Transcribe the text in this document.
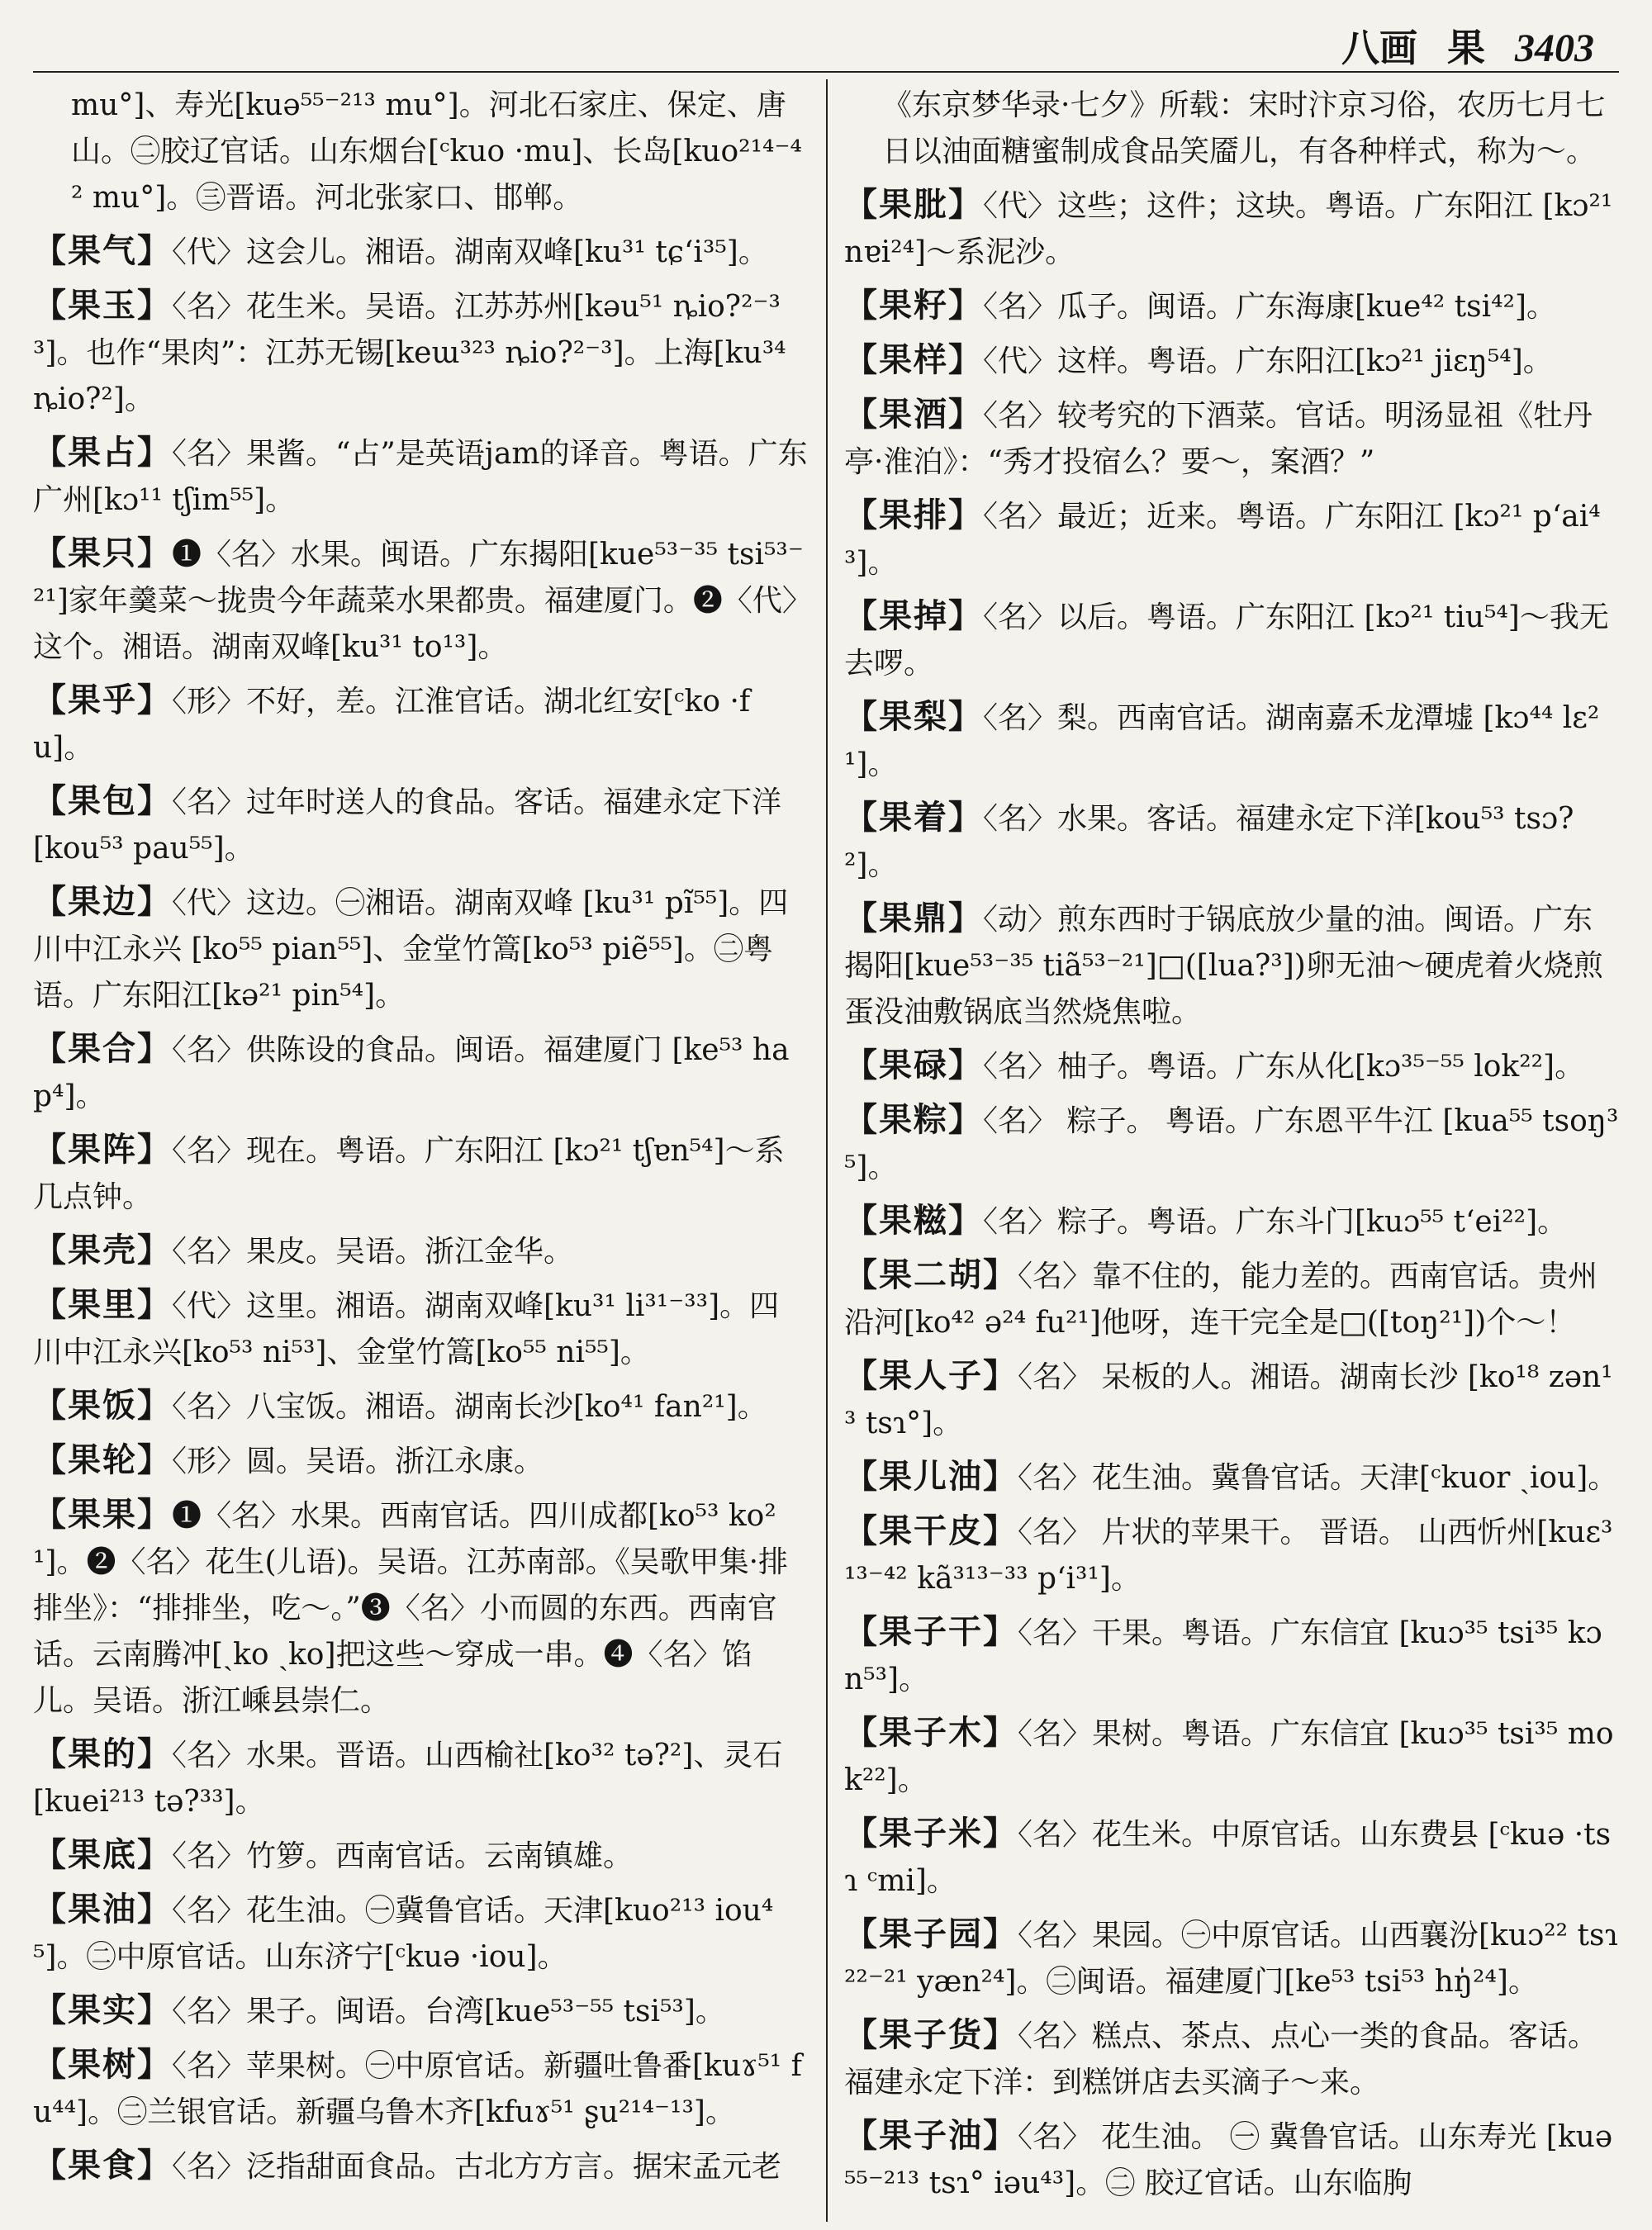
八画 果 3403

mu°]、寿光[kuə⁵⁵⁻²¹³ mu°]。河北石家庄、保定、唐山。㊁胶辽官话。山东烟台[ᶜkuo ·mu]、长岛[kuo²¹⁴⁻⁴² mu°]。㊂晋语。河北张家口、邯郸。

【果气】〈代〉这会儿。湘语。湖南双峰[ku³¹ tɕʻi³⁵]。

【果玉】〈名〉花生米。吴语。江苏苏州[kəu⁵¹ ȵio?²⁻³³]。也作“果肉”：江苏无锡[keɯ³²³ ȵio?²⁻³]。上海[ku³⁴ ȵio?²]。

【果占】〈名〉果酱。“占”是英语jam的译音。粤语。广东广州[kɔ¹¹ tʃim⁵⁵]。

【果只】❶〈名〉水果。闽语。广东揭阳[kue⁵³⁻³⁵ tsi⁵³⁻²¹]家年羹菜～拢贵今年蔬菜水果都贵。福建厦门。❷〈代〉这个。湘语。湖南双峰[ku³¹ to¹³]。

【果乎】〈形〉不好，差。江淮官话。湖北红安[ᶜko ·fu]。

【果包】〈名〉过年时送人的食品。客话。福建永定下洋[kou⁵³ pau⁵⁵]。

【果边】〈代〉这边。㊀湘语。湖南双峰 [ku³¹ pĩ⁵⁵]。四川中江永兴 [ko⁵⁵ pian⁵⁵]、金堂竹篙[ko⁵³ piẽ⁵⁵]。㊁粤语。广东阳江[kə²¹ pin⁵⁴]。

【果合】〈名〉供陈设的食品。闽语。福建厦门 [ke⁵³ hap⁴]。

【果阵】〈名〉现在。粤语。广东阳江 [kɔ²¹ tʃɐn⁵⁴]～系几点钟。

【果壳】〈名〉果皮。吴语。浙江金华。

【果里】〈代〉这里。湘语。湖南双峰[ku³¹ li³¹⁻³³]。四川中江永兴[ko⁵³ ni⁵³]、金堂竹篙[ko⁵⁵ ni⁵⁵]。

【果饭】〈名〉八宝饭。湘语。湖南长沙[ko⁴¹ fan²¹]。

【果轮】〈形〉圆。吴语。浙江永康。

【果果】❶〈名〉水果。西南官话。四川成都[ko⁵³ ko²¹]。❷〈名〉花生(儿语)。吴语。江苏南部。《吴歌甲集·排排坐》：“排排坐，吃～。”❸〈名〉小而圆的东西。西南官话。云南腾冲[ˏko ˏko]把这些～穿成一串。❹〈名〉馅儿。吴语。浙江嵊县崇仁。

【果的】〈名〉水果。晋语。山西榆社[ko³² tə?²]、灵石[kuei²¹³ tə?³³]。

【果底】〈名〉竹箩。西南官话。云南镇雄。

【果油】〈名〉花生油。㊀冀鲁官话。天津[kuo²¹³ iou⁴⁵]。㊁中原官话。山东济宁[ᶜkuə ·iou]。

【果实】〈名〉果子。闽语。台湾[kue⁵³⁻⁵⁵ tsi⁵³]。

【果树】〈名〉苹果树。㊀中原官话。新疆吐鲁番[kuɤ⁵¹ fu⁴⁴]。㊁兰银官话。新疆乌鲁木齐[kfuɤ⁵¹ ʂu²¹⁴⁻¹³]。

【果食】〈名〉泛指甜面食品。古北方方言。据宋孟元老

《东京梦华录·七夕》所载：宋时汴京习俗，农历七月七日以油面糖蜜制成食品笑靥儿，有各种样式，称为～。

【果肶】〈代〉这些；这件；这块。粤语。广东阳江 [kɔ²¹ nɐi²⁴]～系泥沙。

【果籽】〈名〉瓜子。闽语。广东海康[kue⁴² tsi⁴²]。

【果样】〈代〉这样。粤语。广东阳江[kɔ²¹ jiɛŋ⁵⁴]。

【果酒】〈名〉较考究的下酒菜。官话。明汤显祖《牡丹亭·淮泊》：“秀才投宿么？要～，案酒？”

【果排】〈名〉最近；近来。粤语。广东阳江 [kɔ²¹ pʻai⁴³]。

【果掉】〈名〉以后。粤语。广东阳江 [kɔ²¹ tiu⁵⁴]～我无去啰。

【果梨】〈名〉梨。西南官话。湖南嘉禾龙潭墟 [kɔ⁴⁴ lɛ²¹]。

【果着】〈名〉水果。客话。福建永定下洋[kou⁵³ tsɔ?²]。

【果鼎】〈动〉煎东西时于锅底放少量的油。闽语。广东揭阳[kue⁵³⁻³⁵ tiã⁵³⁻²¹]□([lua?³])卵无油～硬虎着火烧煎蛋没油敷锅底当然烧焦啦。

【果碌】〈名〉柚子。粤语。广东从化[kɔ³⁵⁻⁵⁵ lok²²]。

【果粽】〈名〉 粽子。 粤语。广东恩平牛江 [kua⁵⁵ tsoŋ³⁵]。

【果糍】〈名〉粽子。粤语。广东斗门[kuɔ⁵⁵ tʻei²²]。

【果二胡】〈名〉靠不住的，能力差的。西南官话。贵州沿河[ko⁴² ə²⁴ fu²¹]他呀，连干完全是□([toŋ²¹])个～！

【果人子】〈名〉 呆板的人。湘语。湖南长沙 [ko¹⁸ zən¹³ tsɿ°]。

【果儿油】〈名〉花生油。冀鲁官话。天津[ᶜkuor ˏiou]。

【果干皮】〈名〉 片状的苹果干。 晋语。 山西忻州[kuɛ³¹³⁻⁴² kã³¹³⁻³³ pʻi³¹]。

【果子干】〈名〉干果。粤语。广东信宜 [kuɔ³⁵ tsi³⁵ kɔn⁵³]。

【果子木】〈名〉果树。粤语。广东信宜 [kuɔ³⁵ tsi³⁵ mok²²]。

【果子米】〈名〉花生米。中原官话。山东费县 [ᶜkuə ·tsɿ ᶜmi]。

【果子园】〈名〉果园。㊀中原官话。山西襄汾[kuɔ²² tsɿ²²⁻²¹ yæn²⁴]。㊁闽语。福建厦门[ke⁵³ tsi⁵³ hŋ̍²⁴]。

【果子货】〈名〉糕点、茶点、点心一类的食品。客话。福建永定下洋：到糕饼店去买滴子～来。

【果子油】〈名〉 花生油。 ㊀ 冀鲁官话。山东寿光 [kuə⁵⁵⁻²¹³ tsɿ° iəu⁴³]。㊁ 胶辽官话。山东临朐
